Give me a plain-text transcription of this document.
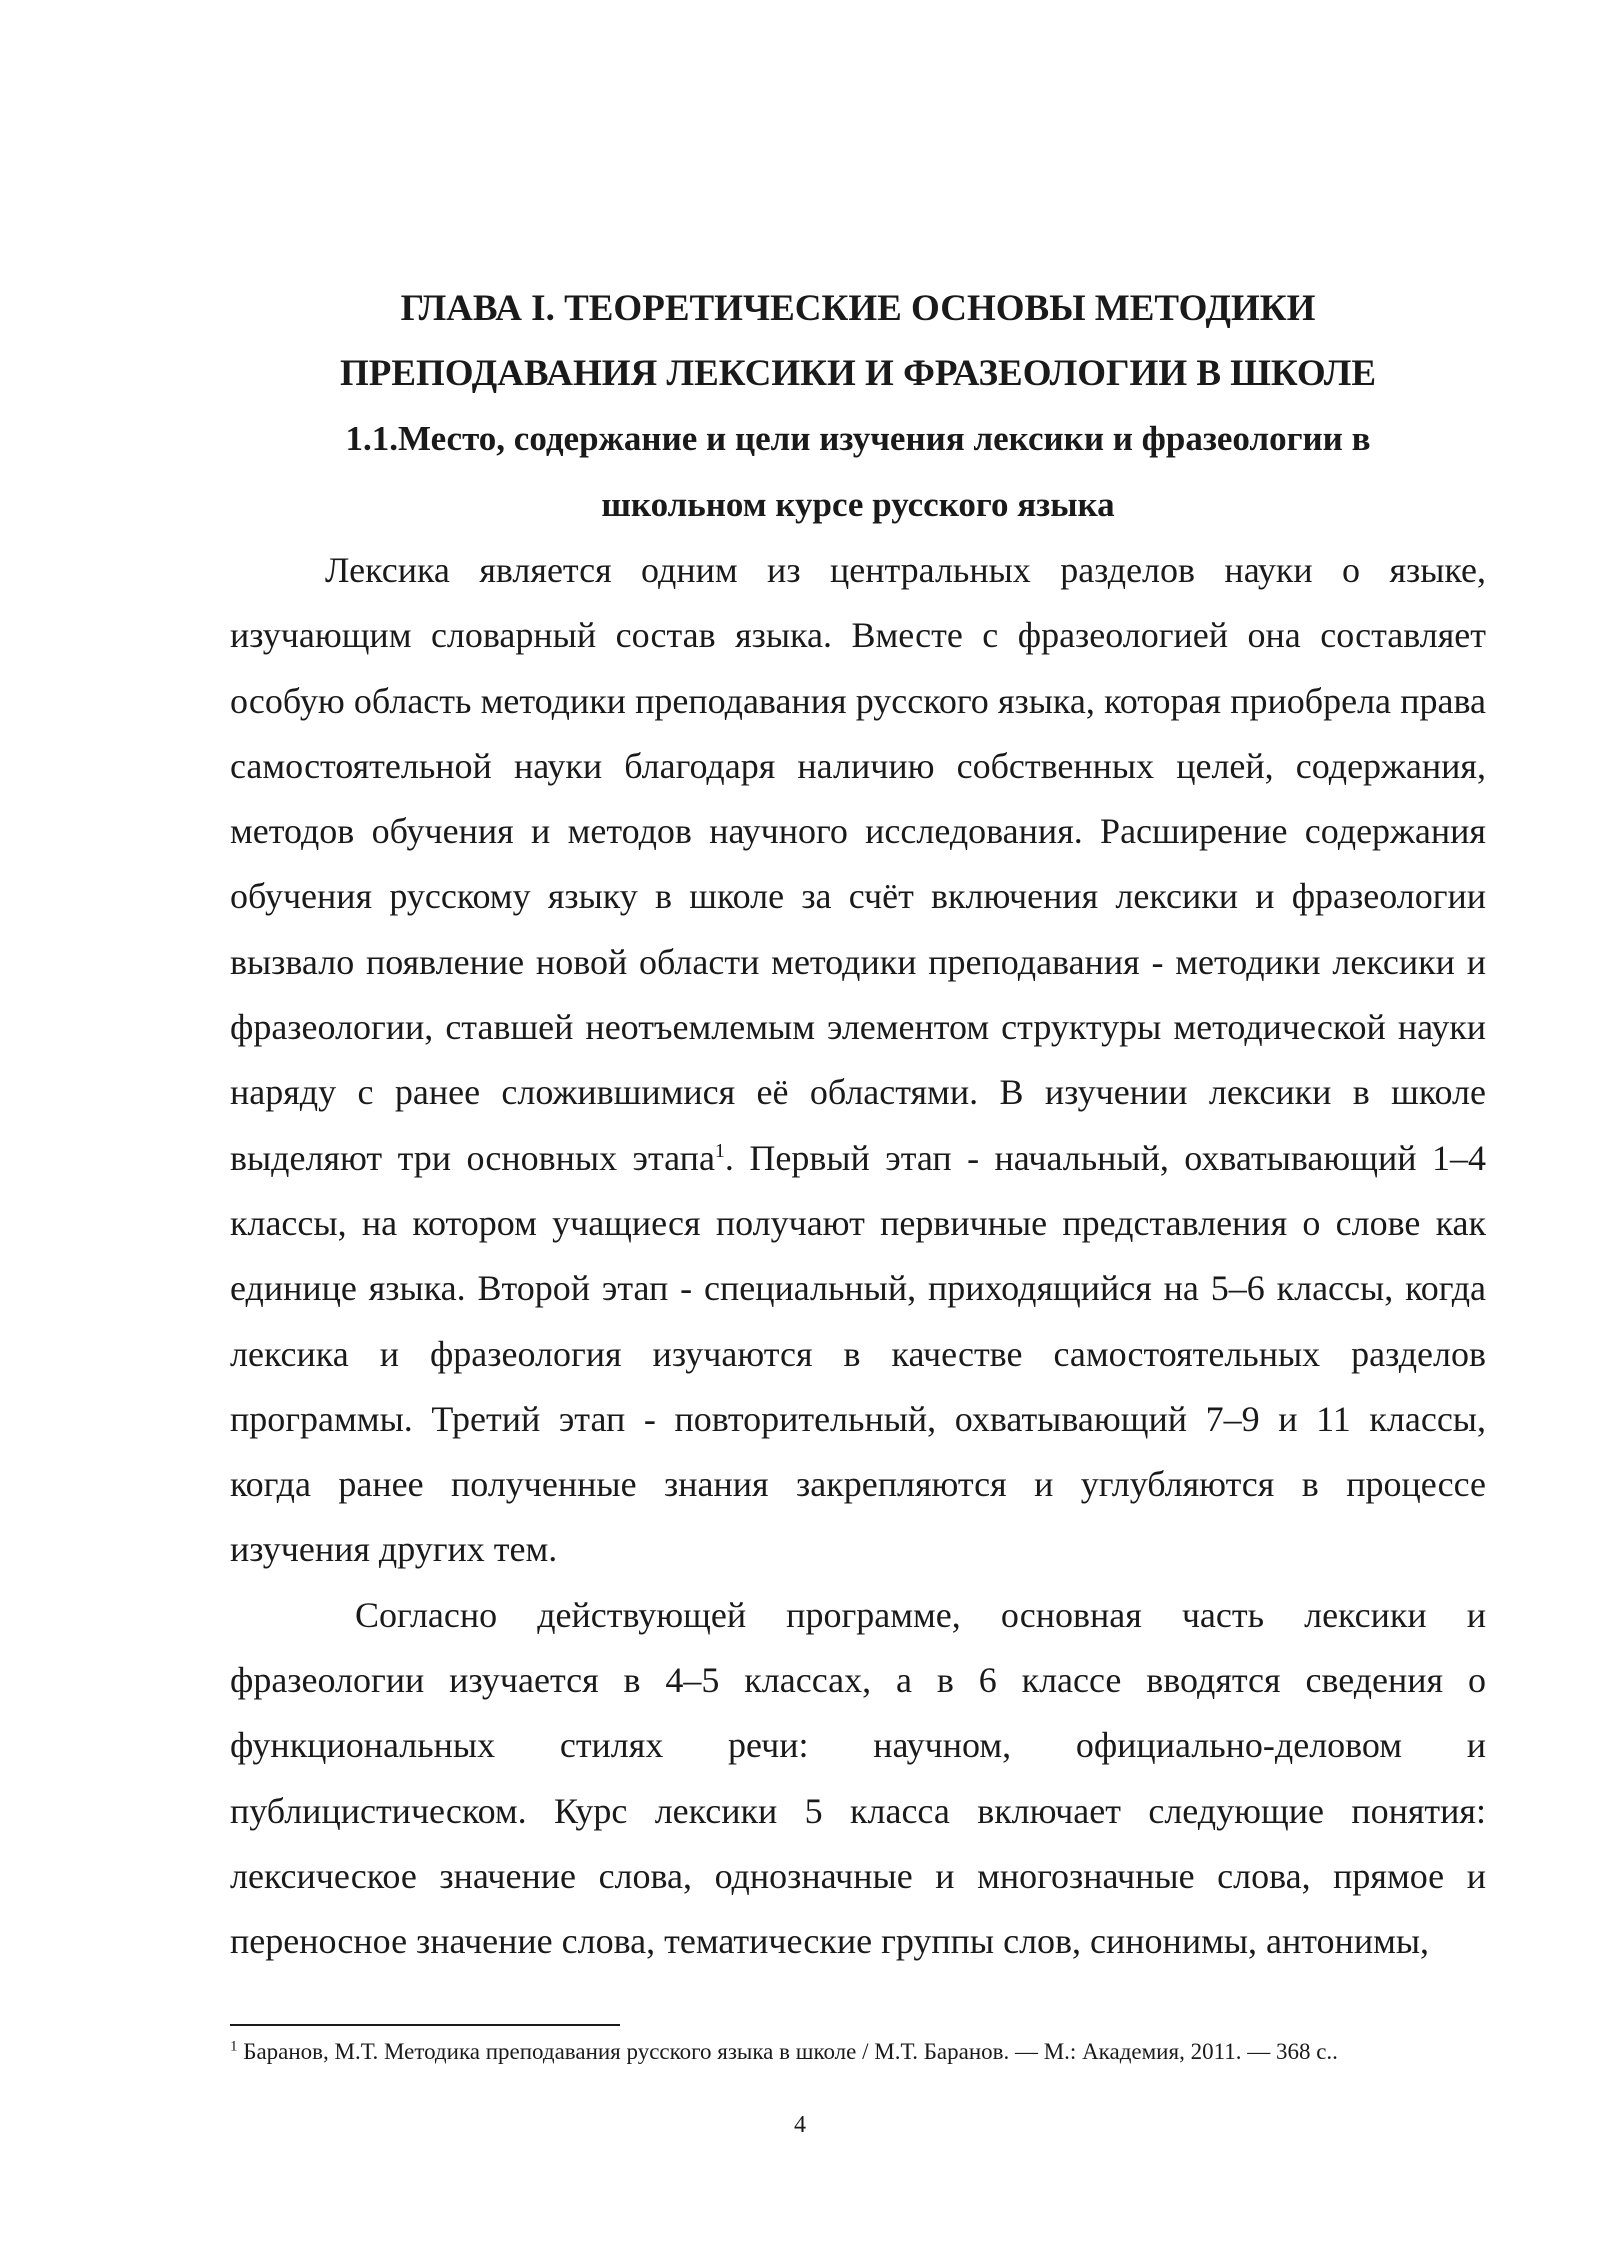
ГЛАВА I. ТЕОРЕТИЧЕСКИЕ ОСНОВЫ МЕТОДИКИ
ПРЕПОДАВАНИЯ ЛЕКСИКИ И ФРАЗЕОЛОГИИ В ШКОЛЕ
1.1.Место, содержание и цели изучения лексики и фразеологии в
школьном курсе русского языка

Лексика является одним из центральных разделов науки о языке, изучающим словарный состав языка. Вместе с фразеологией она составляет особую область методики преподавания русского языка, которая приобрела права самостоятельной науки благодаря наличию собственных целей, содержания, методов обучения и методов научного исследования. Расширение содержания обучения русскому языку в школе за счёт включения лексики и фразеологии вызвало появление новой области методики преподавания - методики лексики и фразеологии, ставшей неотъемлемым элементом структуры методической науки наряду с ранее сложившимися её областями. В изучении лексики в школе выделяют три основных этапа$^1$. Первый этап - начальный, охватывающий 1–4 классы, на котором учащиеся получают первичные представления о слове как единице языка. Второй этап - специальный, приходящийся на 5–6 классы, когда лексика и фразеология изучаются в качестве самостоятельных разделов программы. Третий этап - повторительный, охватывающий 7–9 и 11 классы, когда ранее полученные знания закрепляются и углубляются в процессе изучения других тем.

Согласно действующей программе, основная часть лексики и фразеологии изучается в 4–5 классах, а в 6 классе вводятся сведения о функциональных стилях речи: научном, официально-деловом и публицистическом. Курс лексики 5 класса включает следующие понятия: лексическое значение слова, однозначные и многозначные слова, прямое и переносное значение слова, тематические группы слов, синонимы, антонимы,

$^1$ Баранов, М.Т. Методика преподавания русского языка в школе / М.Т. Баранов. — М.: Академия, 2011. — 368 с..

4
